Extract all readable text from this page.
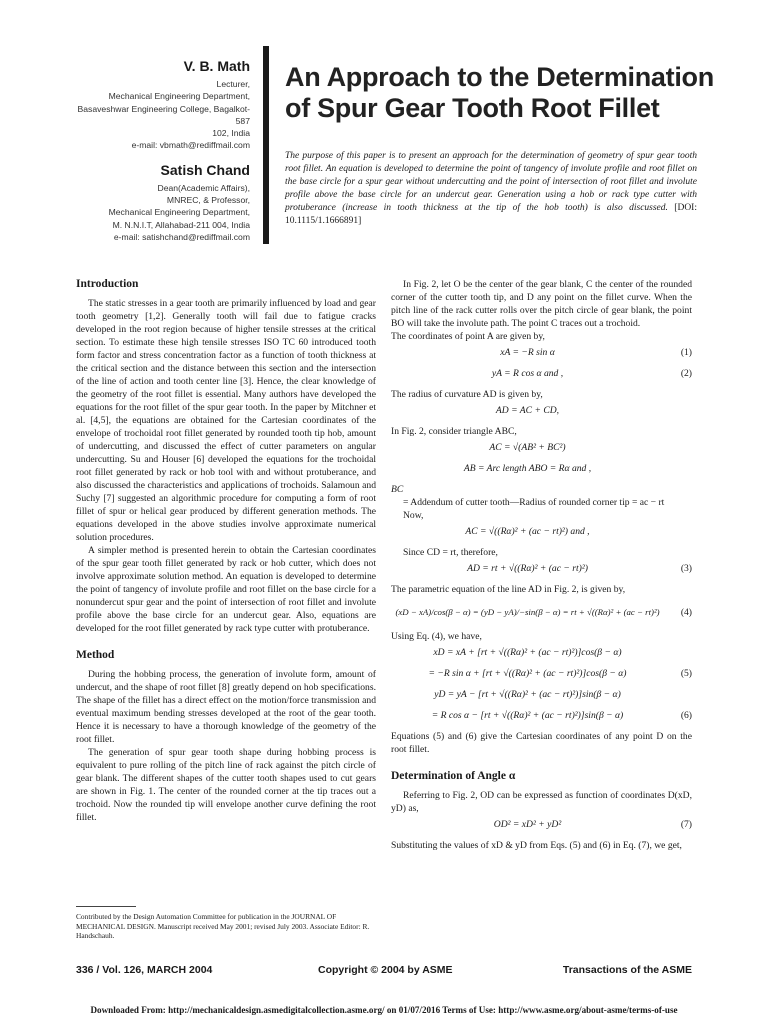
V. B. Math
Lecturer,
Mechanical Engineering Department,
Basaveshwar Engineering College, Bagalkot-587
102, India
e-mail: vbmath@rediffmail.com
Satish Chand
Dean(Academic Affairs),
MNREC, & Professor,
Mechanical Engineering Department,
M. N.N.I.T, Allahabad-211 004, India
e-mail: satishchand@rediffmail.com
An Approach to the Determination of Spur Gear Tooth Root Fillet
The purpose of this paper is to present an approach for the determination of geometry of spur gear tooth root fillet. An equation is developed to determine the point of tangency of involute profile and root fillet on the base circle for a spur gear without undercutting and the point of intersection of root fillet and involute profile above the base circle for an undercut gear. Generation using a hob or rack type cutter with protuberance (increase in tooth thickness at the tip of the hob tooth) is also discussed. [DOI: 10.1115/1.1666891]
Introduction

The static stresses in a gear tooth are primarily influenced by load and gear tooth geometry [1,2]. Generally tooth will fail due to fatigue cracks developed in the root region because of higher tensile stresses at the critical section. To estimate these high tensile stresses ISO TC 60 introduced tooth form factor and stress concentration factor as a function of tooth thickness at the critical section and the distance between this section and the intersection of the line of action and tooth center line [3]. Hence, the clear knowledge of the geometry of the root fillet is essential. Many authors have developed the equations for the root fillet of the spur gear tooth. In the paper by Mitchner et al. [4,5], the equations are obtained for the Cartesian coordinates of the envelope of trochoidal root fillet generated by rounded tooth tip hob, amount of undercutting, and discussed the effect of cutter parameters on angular undercutting. Su and Houser [6] developed the equations for the trochoidal root fillet generated by rack or hob tool with and without protuberance, and also discussed the characteristics and applications of trochoids. Salamoun and Suchy [7] suggested an algorithmic procedure for computing a form of root fillet of spur or helical gear produced by different generation methods. The equations developed in the above studies involve approximate numerical solution procedures.

A simpler method is presented herein to obtain the Cartesian coordinates of the spur gear tooth fillet generated by rack or hob cutter, which does not involve approximate solution method. An equation is developed to determine the point of tangency of involute profile and root fillet on the base circle for a nonundercut spur gear and the point of intersection of root fillet and involute profile above the base circle for an undercut gear. Also, equations are developed for the root fillet generated by rack type cutter with protuberance.

Method

During the hobbing process, the generation of involute form, amount of undercut, and the shape of root fillet [8] greatly depend on hob specifications. The shape of the fillet has a direct effect on the motion/force transmission and eventual maximum bending stresses developed at the root of the gear tooth. Hence it is necessary to have a thorough knowledge of the geometry of the root fillet.

The generation of spur gear tooth shape during hobbing process is equivalent to pure rolling of the pitch line of rack against the pitch circle of gear blank. The different shapes of the cutter tooth shapes used to cut gears are shown in Fig. 1. The center of the rounded corner at the tip traces out a trochoid. Now the rounded tip will envelope another curve defining the root fillet.

Contributed by the Design Automation Committee for publication in the JOURNAL OF MECHANICAL DESIGN. Manuscript received May 2001; revised July 2003. Associate Editor: R. Handschauh.

In Fig. 2, let O be the center of the gear blank, C the center of the rounded corner of the cutter tooth tip, and D any point on the fillet curve. When the pitch line of the rack cutter rolls over the pitch circle of gear blank, the point BO will take the involute path. The point C traces out a trochoid.

The coordinates of point A are given by,

xA = −R sin α	(1)
yA = R cos α and ,	(2)

The radius of curvature AD is given by,

AD = AC + CD,

In Fig. 2, consider triangle ABC,

AC = √(AB² + BC²)
AB = Arc length ABO = Rα and ,

BC

= Addendum of cutter tooth—Radius of rounded corner tip = ac − rt

Now,

AC = √((Rα)² + (ac − rt)²) and ,

Since CD = rt, therefore,

AD = rt + √((Rα)² + (ac − rt)²)	(3)

The parametric equation of the line AD in Fig. 2, is given by,

(xD − xA)/cos(β − α) = (yD − yA)/−sin(β − α) = rt + √((Rα)² + (ac − rt)²)	(4)

Using Eq. (4), we have,

xD = xA + [rt + √((Rα)² + (ac − rt)²)]cos(β − α)
= −R sin α + [rt + √((Rα)² + (ac − rt)²)]cos(β − α)	(5)
yD = yA − [rt + √((Rα)² + (ac − rt)²)]sin(β − α)
= R cos α − [rt + √((Rα)² + (ac − rt)²)]sin(β − α)	(6)

Equations (5) and (6) give the Cartesian coordinates of any point D on the root fillet.

Determination of Angle α

Referring to Fig. 2, OD can be expressed as function of coordinates D(xD, yD) as,

OD² = xD² + yD²	(7)

Substituting the values of xD & yD from Eqs. (5) and (6) in Eq. (7), we get,

336 / Vol. 126, MARCH 2004	Copyright © 2004 by ASME	Transactions of the ASME
Downloaded From: http://mechanicaldesign.asmedigitalcollection.asme.org/ on 01/07/2016 Terms of Use: http://www.asme.org/about-asme/terms-of-use
